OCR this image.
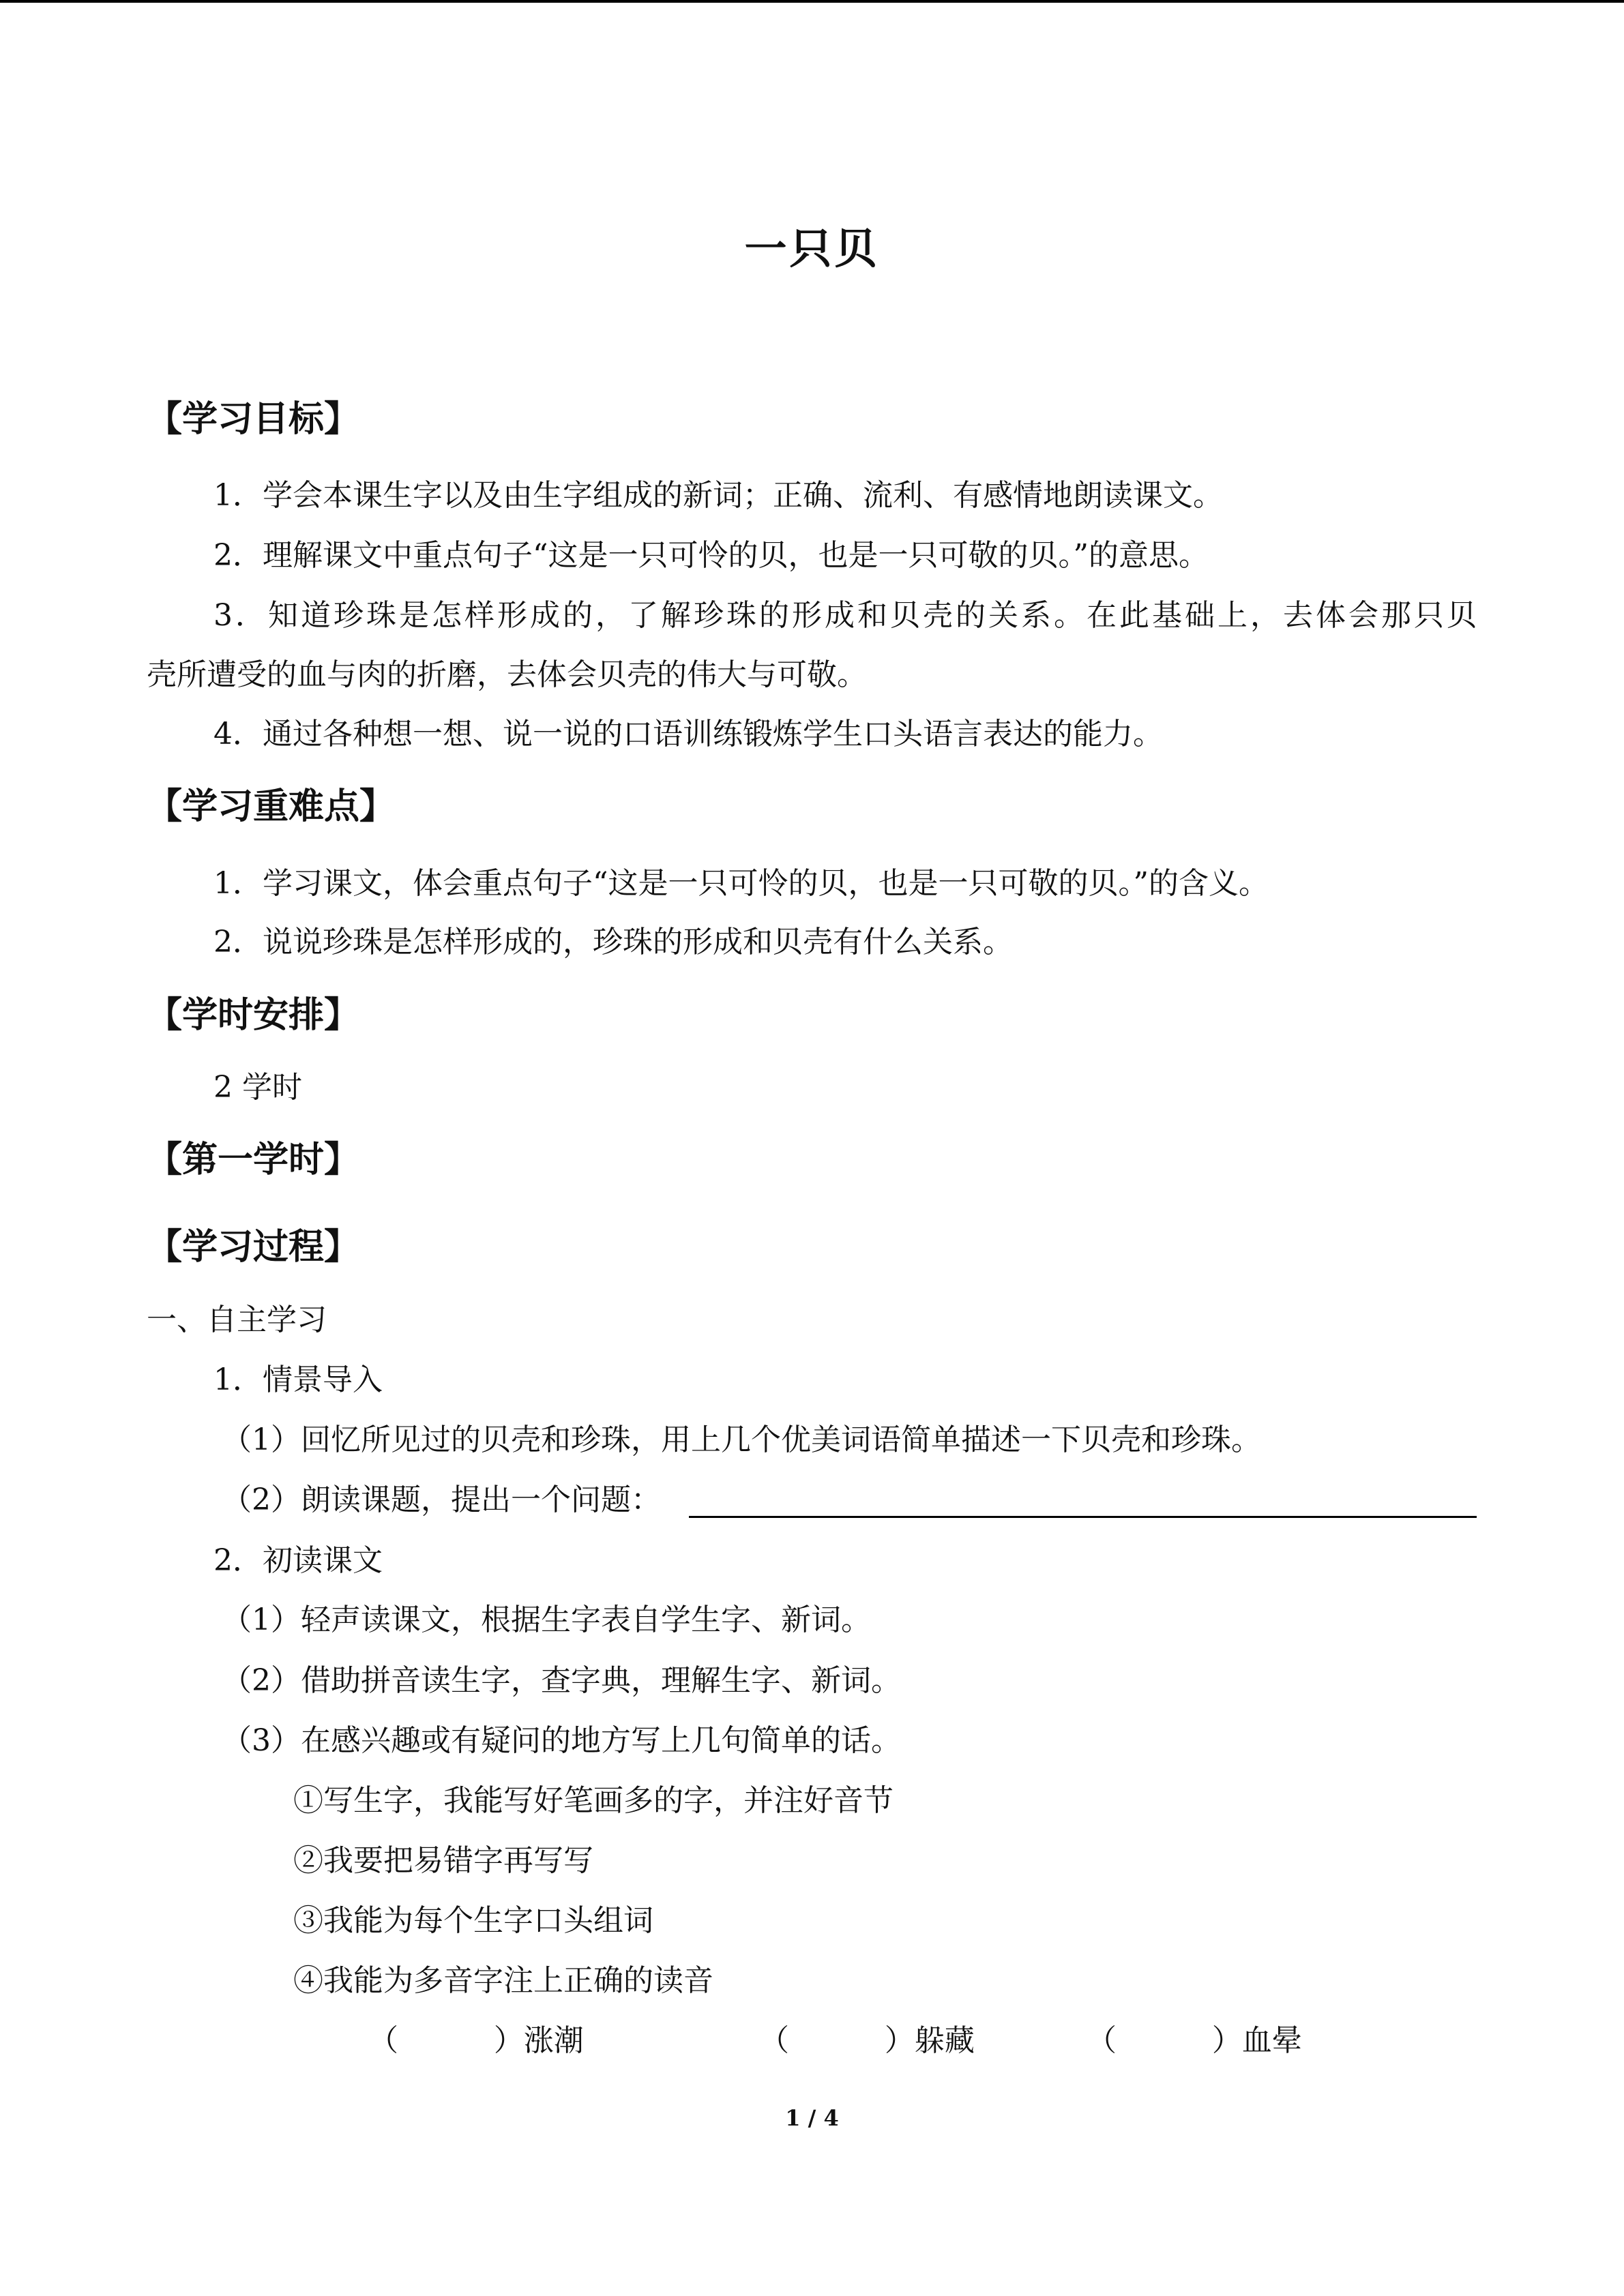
一只贝
【学习目标】
1．学会本课生字以及由生字组成的新词；正确、流利、有感情地朗读课文。
2．理解课文中重点句子“这是一只可怜的贝，也是一只可敬的贝。”的意思。
3．知道珍珠是怎样形成的，了解珍珠的形成和贝壳的关系。在此基础上，去体会那只贝
壳所遭受的血与肉的折磨，去体会贝壳的伟大与可敬。
4．通过各种想一想、说一说的口语训练锻炼学生口头语言表达的能力。
【学习重难点】
1．学习课文，体会重点句子“这是一只可怜的贝，也是一只可敬的贝。”的含义。
2．说说珍珠是怎样形成的，珍珠的形成和贝壳有什么关系。
【学时安排】
2 学时
【第一学时】
【学习过程】
一、自主学习
1．情景导入
（1）回忆所见过的贝壳和珍珠，用上几个优美词语简单描述一下贝壳和珍珠。
（2）朗读课题，提出一个问题：
2．初读课文
（1）轻声读课文，根据生字表自学生字、新词。
（2）借助拼音读生字，查字典，理解生字、新词。
（3）在感兴趣或有疑问的地方写上几句简单的话。
①写生字，我能写好笔画多的字，并注好音节
②我要把易错字再写写
③我能为每个生字口头组词
④我能为多音字注上正确的读音
（          ）涨潮	（          ）躲藏	（          ）血晕
1 / 4
